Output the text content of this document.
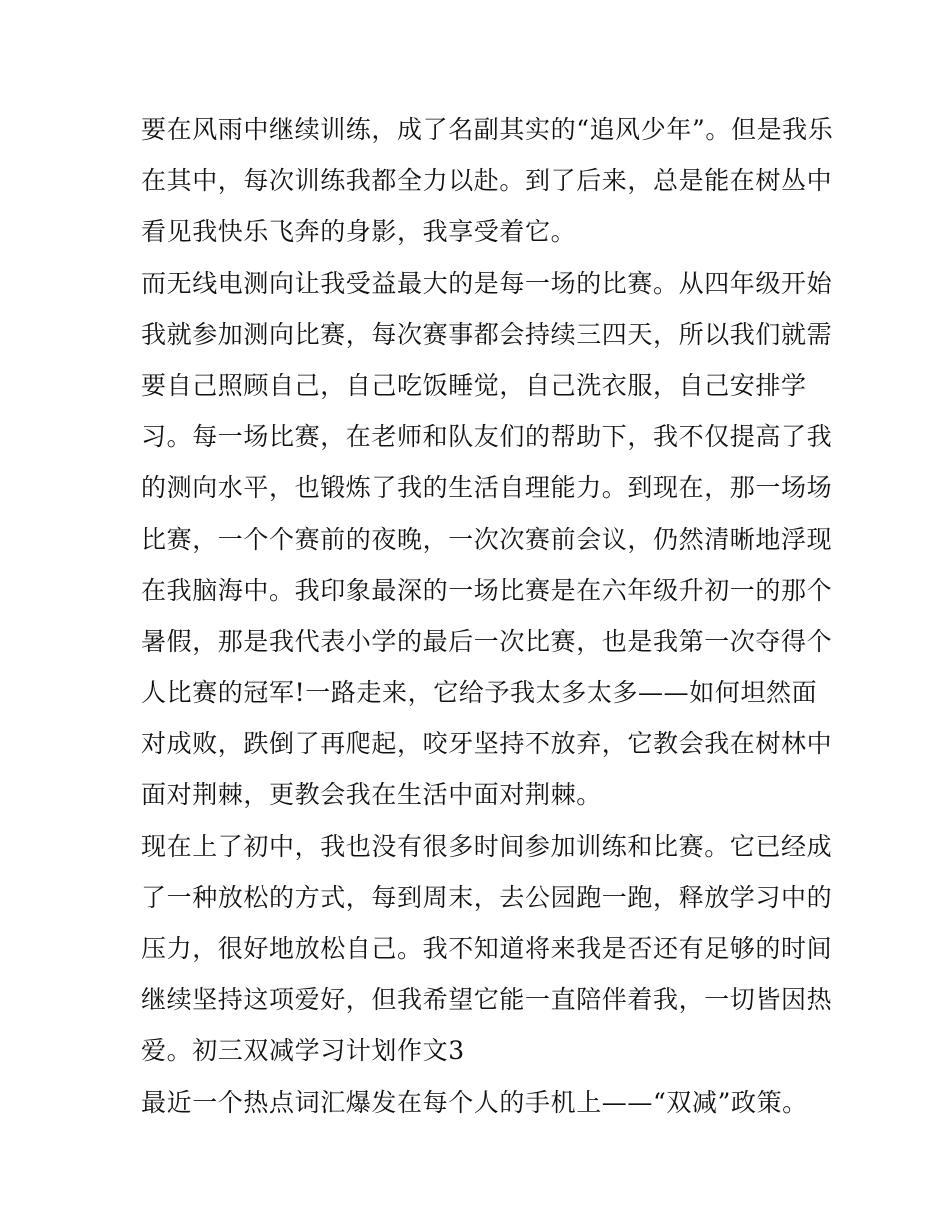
要在风雨中继续训练，成了名副其实的“追风少年”。但是我乐
在其中，每次训练我都全力以赴。到了后来，总是能在树丛中
看见我快乐飞奔的身影，我享受着它。
而无线电测向让我受益最大的是每一场的比赛。从四年级开始
我就参加测向比赛，每次赛事都会持续三四天，所以我们就需
要自己照顾自己，自己吃饭睡觉，自己洗衣服，自己安排学
习。每一场比赛，在老师和队友们的帮助下，我不仅提高了我
的测向水平，也锻炼了我的生活自理能力。到现在，那一场场
比赛，一个个赛前的夜晚，一次次赛前会议，仍然清晰地浮现
在我脑海中。我印象最深的一场比赛是在六年级升初一的那个
暑假，那是我代表小学的最后一次比赛，也是我第一次夺得个
人比赛的冠军!一路走来，它给予我太多太多——如何坦然面
对成败，跌倒了再爬起，咬牙坚持不放弃，它教会我在树林中
面对荆棘，更教会我在生活中面对荆棘。
现在上了初中，我也没有很多时间参加训练和比赛。它已经成
了一种放松的方式，每到周末，去公园跑一跑，释放学习中的
压力，很好地放松自己。我不知道将来我是否还有足够的时间
继续坚持这项爱好，但我希望它能一直陪伴着我，一切皆因热
爱。初三双减学习计划作文3
最近一个热点词汇爆发在每个人的手机上——“双减”政策。
